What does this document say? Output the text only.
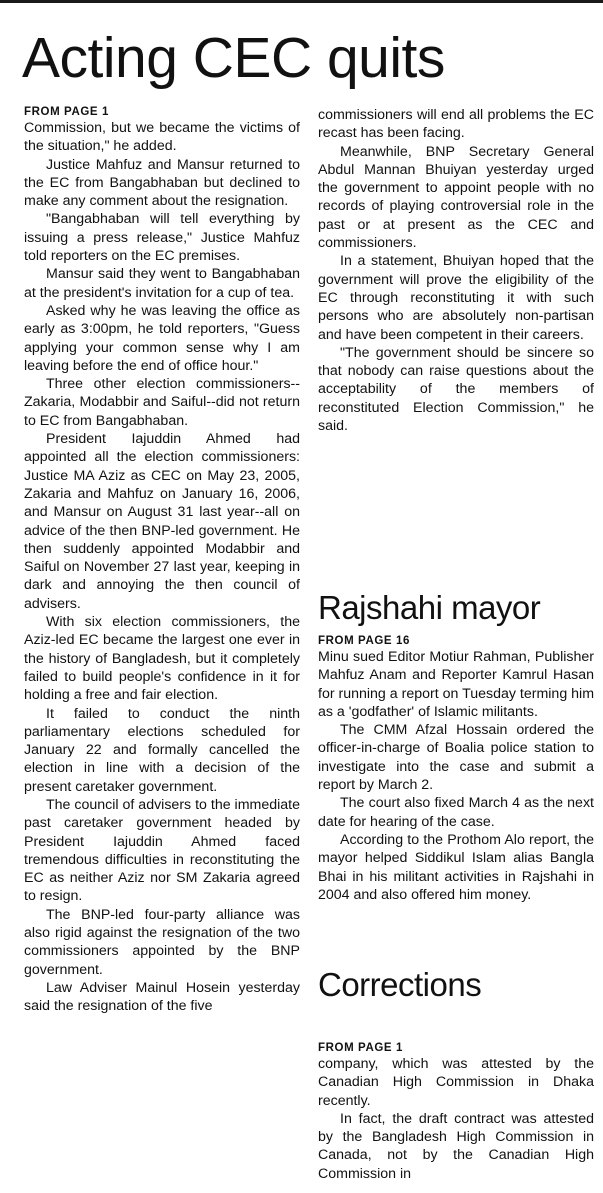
Acting CEC quits
FROM PAGE 1

Commission, but we became the victims of the situation," he added.

Justice Mahfuz and Mansur returned to the EC from Bangabhaban but declined to make any comment about the resignation.

"Bangabhaban will tell everything by issuing a press release," Justice Mahfuz told reporters on the EC premises.

Mansur said they went to Bangabhaban at the president's invitation for a cup of tea.

Asked why he was leaving the office as early as 3:00pm, he told reporters, "Guess applying your common sense why I am leaving before the end of office hour."

Three other election commissioners--Zakaria, Modabbir and Saiful--did not return to EC from Bangabhaban.

President Iajuddin Ahmed had appointed all the election commissioners: Justice MA Aziz as CEC on May 23, 2005, Zakaria and Mahfuz on January 16, 2006, and Mansur on August 31 last year--all on advice of the then BNP-led government. He then suddenly appointed Modabbir and Saiful on November 27 last year, keeping in dark and annoying the then council of advisers.

With six election commissioners, the Aziz-led EC became the largest one ever in the history of Bangladesh, but it completely failed to build people's confidence in it for holding a free and fair election.

It failed to conduct the ninth parliamentary elections scheduled for January 22 and formally cancelled the election in line with a decision of the present caretaker government.

The council of advisers to the immediate past caretaker government headed by President Iajuddin Ahmed faced tremendous difficulties in reconstituting the EC as neither Aziz nor SM Zakaria agreed to resign.

The BNP-led four-party alliance was also rigid against the resignation of the two commissioners appointed by the BNP government.

Law Adviser Mainul Hosein yesterday said the resignation of the five

commissioners will end all problems the EC recast has been facing.

Meanwhile, BNP Secretary General Abdul Mannan Bhuiyan yesterday urged the government to appoint people with no records of playing controversial role in the past or at present as the CEC and commissioners.

In a statement, Bhuiyan hoped that the government will prove the eligibility of the EC through reconstituting it with such persons who are absolutely non-partisan and have been competent in their careers.

"The government should be sincere so that nobody can raise questions about the acceptability of the members of reconstituted Election Commission," he said.

Rajshahi mayor
FROM PAGE 16

Minu sued Editor Motiur Rahman, Publisher Mahfuz Anam and Reporter Kamrul Hasan for running a report on Tuesday terming him as a 'godfather' of Islamic militants.

The CMM Afzal Hossain ordered the officer-in-charge of Boalia police station to investigate into the case and submit a report by March 2.

The court also fixed March 4 as the next date for hearing of the case.

According to the Prothom Alo report, the mayor helped Siddikul Islam alias Bangla Bhai in his militant activities in Rajshahi in 2004 and also offered him money.

Corrections
FROM PAGE 1

company, which was attested by the Canadian High Commission in Dhaka recently.

In fact, the draft contract was attested by the Bangladesh High Commission in Canada, not by the Canadian High Commission in
